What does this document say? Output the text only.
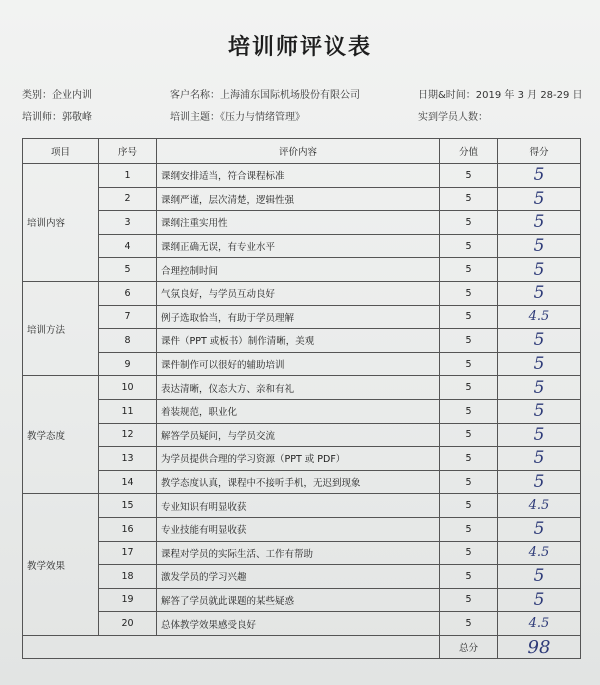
培训师评议表
类别：企业内训	客户名称：上海浦东国际机场股份有限公司	日期&时间：2019 年 3 月 28-29 日
培训师：郭敬峰	培训主题：《压力与情绪管理》	实到学员人数：
项目	序号	评价内容	分值	得分
培训内容	1	课纲安排适当，符合课程标准	5	5
	2	课纲严谨，层次清楚，逻辑性强	5	5
	3	课纲注重实用性	5	5
	4	课纲正确无误，有专业水平	5	5
	5	合理控制时间	5	5
培训方法	6	气氛良好，与学员互动良好	5	5
	7	例子选取恰当，有助于学员理解	5	4.5
	8	课件（PPT 或板书）制作清晰，美观	5	5
	9	课件制作可以很好的辅助培训	5	5
教学态度	10	表达清晰，仪态大方、亲和有礼	5	5
	11	着装规范，职业化	5	5
	12	解答学员疑问，与学员交流	5	5
	13	为学员提供合理的学习资源（PPT 或 PDF）	5	5
	14	教学态度认真，课程中不接听手机，无迟到现象	5	5
教学效果	15	专业知识有明显收获	5	4.5
	16	专业技能有明显收获	5	5
	17	课程对学员的实际生活、工作有帮助	5	4.5
	18	激发学员的学习兴趣	5	5
	19	解答了学员就此课题的某些疑惑	5	5
	20	总体教学效果感受良好	5	4.5
			总分	98
